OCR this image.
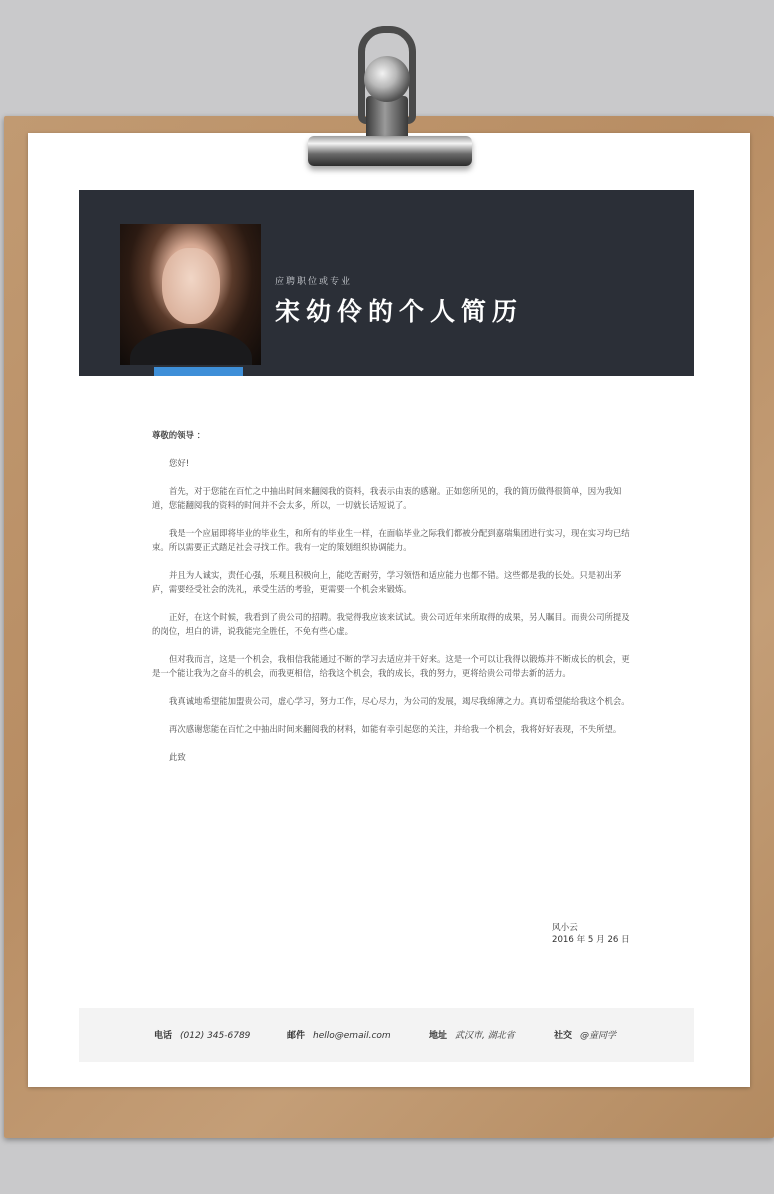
应聘职位或专业
宋幼伶的个人简历

尊敬的领导 ：

您好!

首先，对于您能在百忙之中抽出时间来翻阅我的资料，我表示由衷的感谢。正如您所见的，我的简历做得很简单，因为我知道，您能翻阅我的资料的时间并不会太多，所以，一切就长话短说了。

我是一个应届即将毕业的毕业生，和所有的毕业生一样，在面临毕业之际我们都被分配到嘉瑞集团进行实习，现在实习均已结束。所以需要正式踏足社会寻找工作。我有一定的策划组织协调能力。

并且为人诚实，责任心强，乐观且积极向上，能吃苦耐劳，学习领悟和适应能力也都不错。这些都是我的长处。只是初出茅庐，需要经受社会的洗礼，承受生活的考验，更需要一个机会来锻炼。

正好，在这个时候，我看到了贵公司的招聘。我觉得我应该来试试。贵公司近年来所取得的成果，另人瞩目。而贵公司所提及的岗位，坦白的讲，说我能完全胜任，不免有些心虚。

但对我而言，这是一个机会，我相信我能通过不断的学习去适应并干好来。这是一个可以让我得以锻炼并不断成长的机会，更是一个能让我为之奋斗的机会，而我更相信，给我这个机会，我的成长，我的努力，更将给贵公司带去新的活力。

我真诚地希望能加盟贵公司，虚心学习，努力工作，尽心尽力，为公司的发展，竭尽我绵薄之力。真切希望能给我这个机会。

再次感谢您能在百忙之中抽出时间来翻阅我的材料，如能有幸引起您的关注，并给我一个机会，我将好好表现，不失所望。

此致

风小云
2016 年 5 月 26 日
电话 (012) 345-6789	邮件 hello@email.com	地址 武汉市, 湖北省	社交 @童同学
